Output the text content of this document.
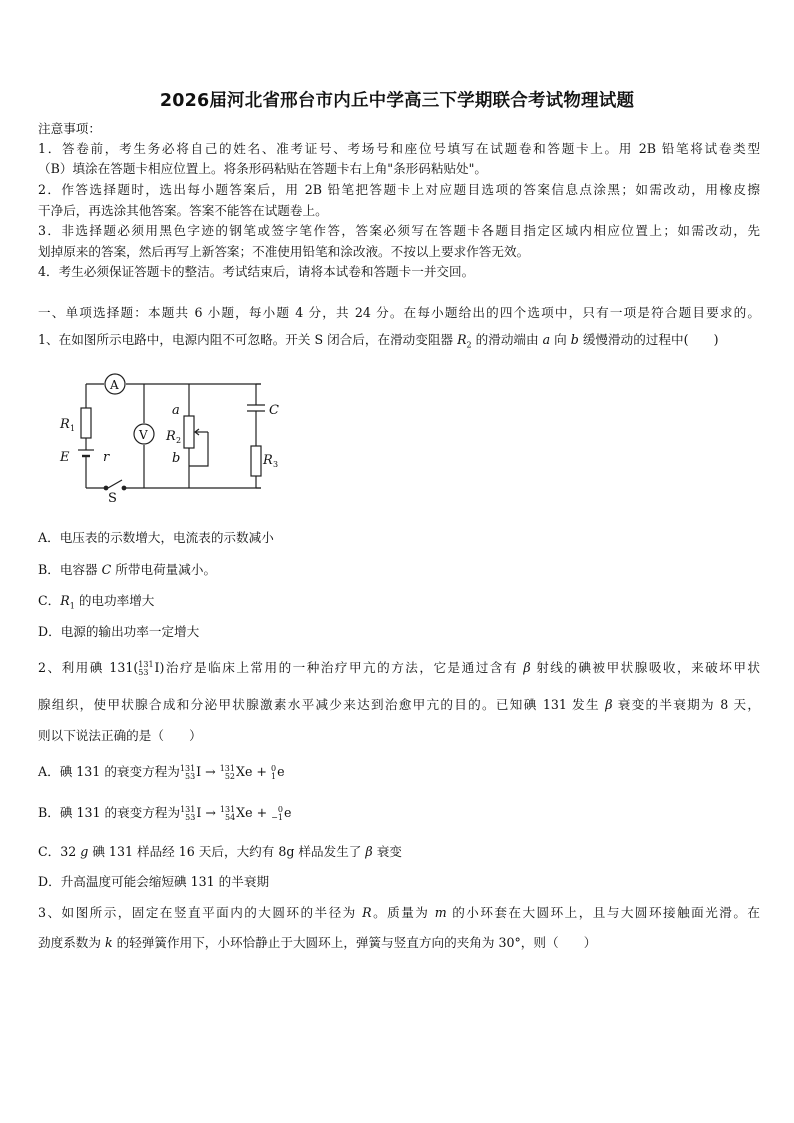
2026届河北省邢台市内丘中学高三下学期联合考试物理试题
注意事项：
1．答卷前，考生务必将自己的姓名、准考证号、考场号和座位号填写在试题卷和答题卡上。用 2B 铅笔将试卷类型
（B）填涂在答题卡相应位置上。将条形码粘贴在答题卡右上角"条形码粘贴处"。
2．作答选择题时，选出每小题答案后，用 2B 铅笔把答题卡上对应题目选项的答案信息点涂黑；如需改动，用橡皮擦
干净后，再选涂其他答案。答案不能答在试题卷上。
3．非选择题必须用黑色字迹的钢笔或签字笔作答，答案必须写在答题卡各题目指定区域内相应位置上；如需改动，先
划掉原来的答案，然后再写上新答案；不准使用铅笔和涂改液。不按以上要求作答无效。
4．考生必须保证答题卡的整洁。考试结束后，请将本试卷和答题卡一并交回。
一、单项选择题：本题共 6 小题，每小题 4 分，共 24 分。在每小题给出的四个选项中，只有一项是符合题目要求的。
1、在如图所示电路中，电源内阻不可忽略。开关 S 闭合后，在滑动变阻器 $R_2$ 的滑动端由 a 向 b 缓慢滑动的过程中(　　)
A
V
R 1
E	r
S
a
R 2
b
C
R 3
A．电压表的示数增大，电流表的示数减小
B．电容器 C 所带电荷量减小。
C．$R_1$ 的电功率增大
D．电源的输出功率一定增大
2、利用碘 131( 131
53 I)治疗是临床上常用的一种治疗甲亢的方法，它是通过含有 β 射线的碘被甲状腺吸收，来破坏甲状
腺组织，使甲状腺合成和分泌甲状腺激素水平减少来达到治愈甲亢的目的。已知碘 131 发生 β 衰变的半衰期为 8 天，
则以下说法正确的是（　　）
A．碘 131 的衰变方程为 131
53 I → 131
52 Xe + 0
1 e
B．碘 131 的衰变方程为 131
53 I → 131
54 Xe + 0
−1 e
C．32 g 碘 131 样品经 16 天后，大约有 8g 样品发生了 β 衰变
D．升高温度可能会缩短碘 131 的半衰期
3、如图所示，固定在竖直平面内的大圆环的半径为 R。质量为 m 的小环套在大圆环上，且与大圆环接触面光滑。在
劲度系数为 k 的轻弹簧作用下，小环恰静止于大圆环上，弹簧与竖直方向的夹角为 30°，则（　　）
